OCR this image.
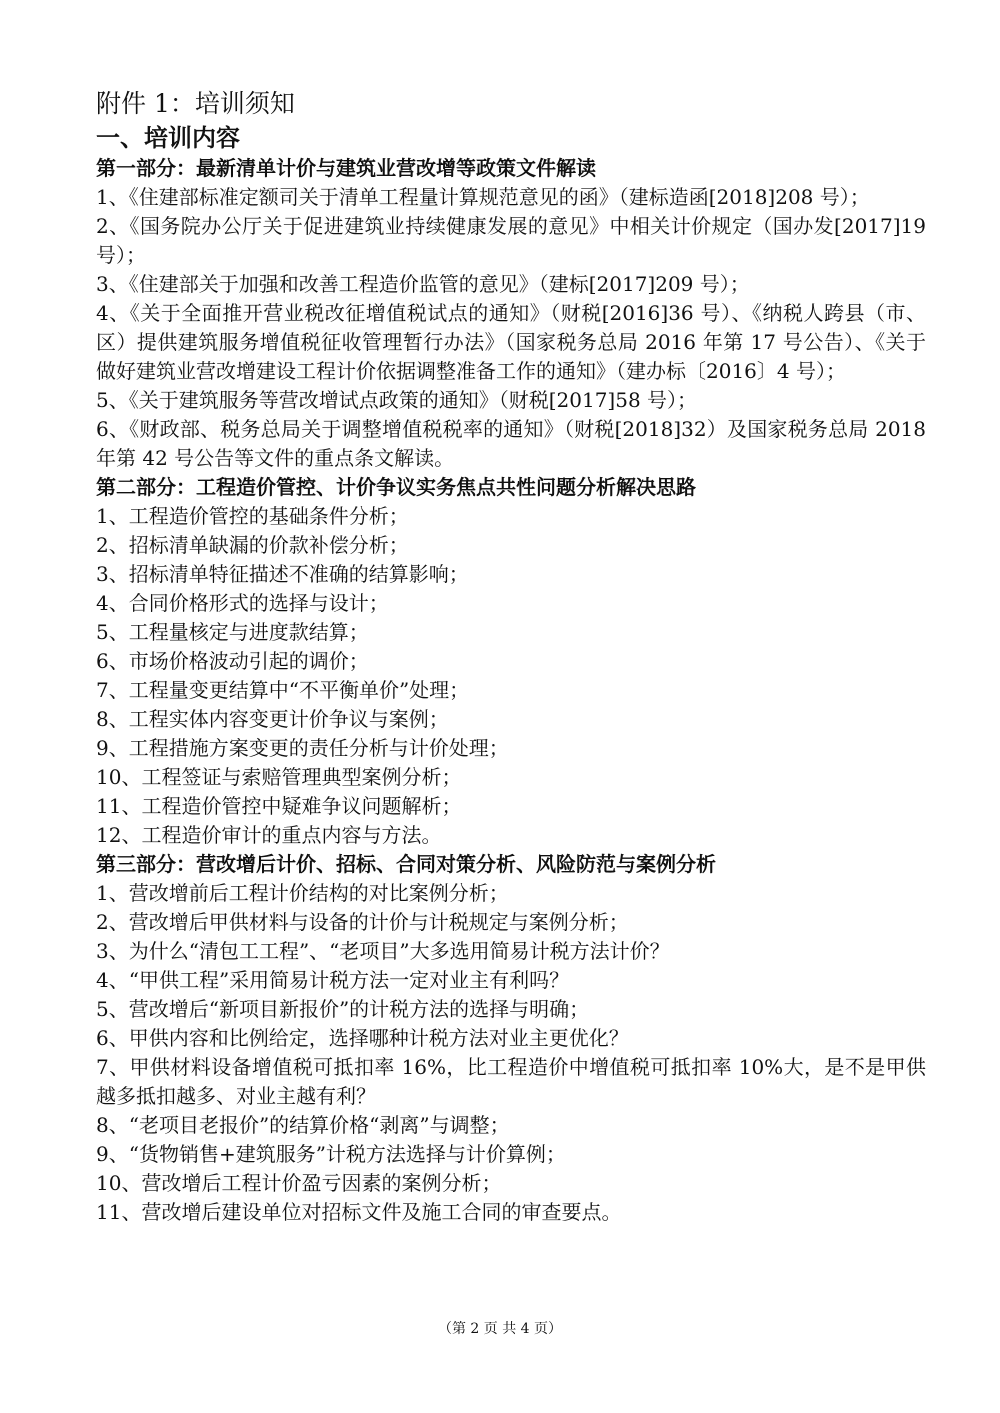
附件 1：培训须知

一、培训内容

第一部分：最新清单计价与建筑业营改增等政策文件解读

1、《住建部标准定额司关于清单工程量计算规范意见的函》（建标造函[2018]208 号）；

2、《国务院办公厅关于促进建筑业持续健康发展的意见》中相关计价规定（国办发[2017]19 号）；

3、《住建部关于加强和改善工程造价监管的意见》（建标[2017]209 号）；

4、《关于全面推开营业税改征增值税试点的通知》（财税[2016]36 号）、《纳税人跨县（市、区）提供建筑服务增值税征收管理暂行办法》（国家税务总局 2016 年第 17 号公告）、《关于做好建筑业营改增建设工程计价依据调整准备工作的通知》（建办标〔2016〕4 号）；

5、《关于建筑服务等营改增试点政策的通知》（财税[2017]58 号）；

6、《财政部、税务总局关于调整增值税税率的通知》（财税[2018]32）及国家税务总局 2018 年第 42 号公告等文件的重点条文解读。

第二部分：工程造价管控、计价争议实务焦点共性问题分析解决思路

1、工程造价管控的基础条件分析；

2、招标清单缺漏的价款补偿分析；

3、招标清单特征描述不准确的结算影响；

4、合同价格形式的选择与设计；

5、工程量核定与进度款结算；

6、市场价格波动引起的调价；

7、工程量变更结算中“不平衡单价”处理；

8、工程实体内容变更计价争议与案例；

9、工程措施方案变更的责任分析与计价处理；

10、工程签证与索赔管理典型案例分析；

11、工程造价管控中疑难争议问题解析；

12、工程造价审计的重点内容与方法。

第三部分：营改增后计价、招标、合同对策分析、风险防范与案例分析

1、营改增前后工程计价结构的对比案例分析；

2、营改增后甲供材料与设备的计价与计税规定与案例分析；

3、为什么“清包工工程”、“老项目”大多选用简易计税方法计价？

4、“甲供工程”采用简易计税方法一定对业主有利吗？

5、营改增后“新项目新报价”的计税方法的选择与明确；

6、甲供内容和比例给定，选择哪种计税方法对业主更优化？

7、甲供材料设备增值税可抵扣率 16%，比工程造价中增值税可抵扣率 10%大，是不是甲供越多抵扣越多、对业主越有利？

8、“老项目老报价”的结算价格“剥离”与调整；

9、“货物销售+建筑服务”计税方法选择与计价算例；

10、营改增后工程计价盈亏因素的案例分析；

11、营改增后建设单位对招标文件及施工合同的审查要点。

（第 2 页 共 4 页）
